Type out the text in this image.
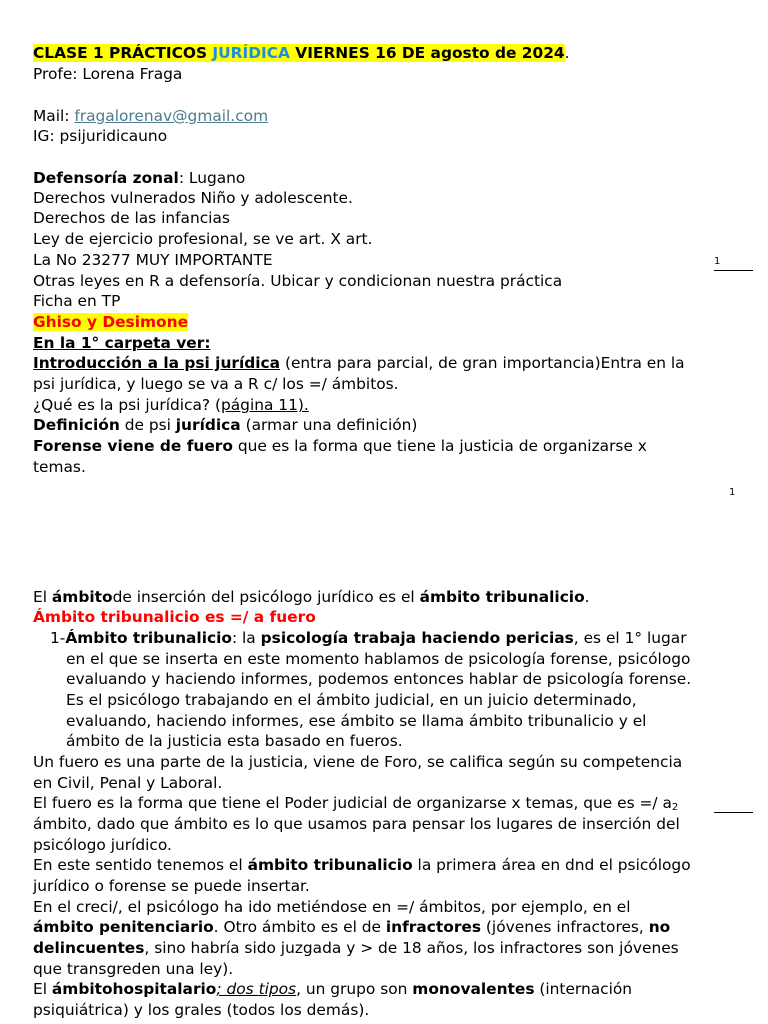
CLASE 1 PRÁCTICOS JURÍDICA VIERNES 16 DE agosto de 2024.
Profe: Lorena Fraga
Mail: fragalorenav@gmail.com
IG: psijuridicauno
Defensoría zonal: Lugano
Derechos vulnerados Niño y adolescente.
Derechos de las infancias
Ley de ejercicio profesional, se ve art. X art.
La No 23277 MUY IMPORTANTE
Otras leyes en R a defensoría. Ubicar y condicionan nuestra práctica
Ficha en TP
1
Ghiso y Desimone
En la 1° carpeta ver:
Introducción a la psi jurídica (entra para parcial, de gran importancia)Entra en la
psi jurídica, y luego se va a R c/ los =/ ámbitos.
¿Qué es la psi jurídica? (página 11).
Definición de psi jurídica (armar una definición)
Forense viene de fuero que es la forma que tiene la justicia de organizarse x
temas.
1
El ámbitode inserción del psicólogo jurídico es el ámbito tribunalicio.
Ámbito tribunalicio es =/ a fuero
1-Ámbito tribunalicio: la psicología trabaja haciendo pericias, es el 1° lugar
en el que se inserta en este momento hablamos de psicología forense, psicólogo
evaluando y haciendo informes, podemos entonces hablar de psicología forense.
Es el psicólogo trabajando en el ámbito judicial, en un juicio determinado,
evaluando, haciendo informes, ese ámbito se llama ámbito tribunalicio y el
ámbito de la justicia esta basado en fueros.
Un fuero es una parte de la justicia, viene de Foro, se califica según su competencia
en Civil, Penal y Laboral.
El fuero es la forma que tiene el Poder judicial de organizarse x temas, que es =/ $a_2$
ámbito, dado que ámbito es lo que usamos para pensar los lugares de inserción del
psicólogo jurídico.
En este sentido tenemos el ámbito tribunalicio la primera área en dnd el psicólogo
jurídico o forense se puede insertar.
En el creci/, el psicólogo ha ido metiéndose en =/ ámbitos, por ejemplo, en el
ámbito penitenciario. Otro ámbito es el de infractores (jóvenes infractores, no
delincuentes, sino habría sido juzgada y > de 18 años, los infractores son jóvenes
que transgreden una ley).
El ámbitohospitalario; dos tipos, un grupo son monovalentes (internación
psiquiátrica) y los grales (todos los demás).
